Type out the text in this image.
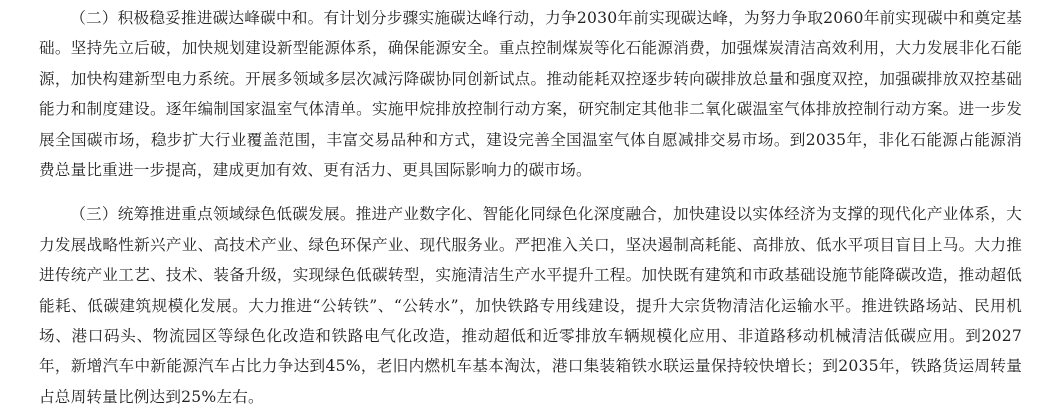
（二）积极稳妥推进碳达峰碳中和。有计划分步骤实施碳达峰行动，力争2030年前实现碳达峰，为努力争取2060年前实现碳中和奠定基础。坚持先立后破，加快规划建设新型能源体系，确保能源安全。重点控制煤炭等化石能源消费，加强煤炭清洁高效利用，大力发展非化石能源，加快构建新型电力系统。开展多领域多层次减污降碳协同创新试点。推动能耗双控逐步转向碳排放总量和强度双控，加强碳排放双控基础能力和制度建设。逐年编制国家温室气体清单。实施甲烷排放控制行动方案，研究制定其他非二氧化碳温室气体排放控制行动方案。进一步发展全国碳市场，稳步扩大行业覆盖范围，丰富交易品种和方式，建设完善全国温室气体自愿减排交易市场。到2035年，非化石能源占能源消费总量比重进一步提高，建成更加有效、更有活力、更具国际影响力的碳市场。

（三）统筹推进重点领域绿色低碳发展。推进产业数字化、智能化同绿色化深度融合，加快建设以实体经济为支撑的现代化产业体系，大力发展战略性新兴产业、高技术产业、绿色环保产业、现代服务业。严把准入关口，坚决遏制高耗能、高排放、低水平项目盲目上马。大力推进传统产业工艺、技术、装备升级，实现绿色低碳转型，实施清洁生产水平提升工程。加快既有建筑和市政基础设施节能降碳改造，推动超低能耗、低碳建筑规模化发展。大力推进“公转铁”、“公转水”，加快铁路专用线建设，提升大宗货物清洁化运输水平。推进铁路场站、民用机场、港口码头、物流园区等绿色化改造和铁路电气化改造，推动超低和近零排放车辆规模化应用、非道路移动机械清洁低碳应用。到2027年，新增汽车中新能源汽车占比力争达到45%，老旧内燃机车基本淘汰，港口集装箱铁水联运量保持较快增长；到2035年，铁路货运周转量占总周转量比例达到25%左右。
